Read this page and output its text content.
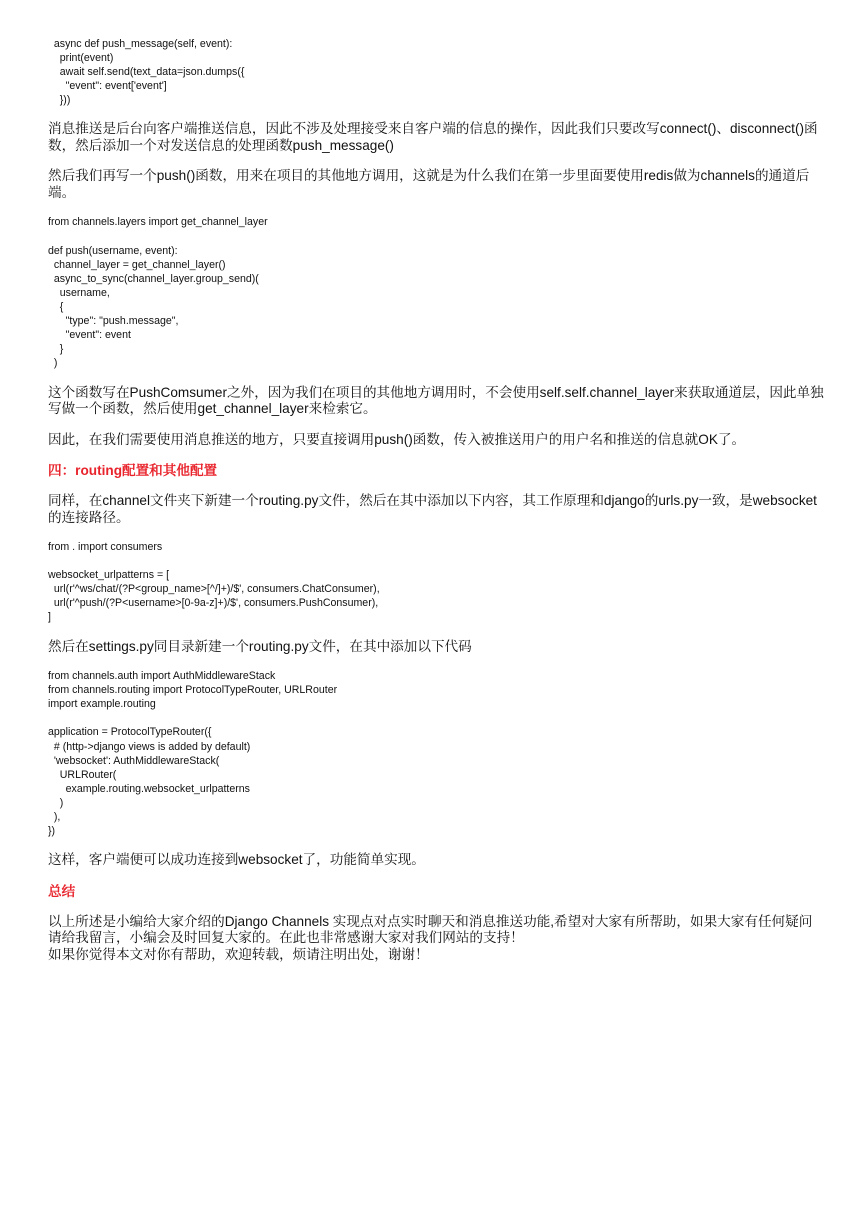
async def push_message(self, event):
print(event)
await self.send(text_data=json.dumps({
"event": event['event']
}))

消息推送是后台向客户端推送信息，因此不涉及处理接受来自客户端的信息的操作，因此我们只要改写connect()、disconnect()函数，然后添加一个对发送信息的处理函数push_message()

然后我们再写一个push()函数，用来在项目的其他地方调用，这就是为什么我们在第一步里面要使用redis做为channels的通道后端。

from channels.layers import get_channel_layer

def push(username, event):
channel_layer = get_channel_layer()
async_to_sync(channel_layer.group_send)(
username,
{
"type": "push.message",
"event": event
}
)

这个函数写在PushComsumer之外，因为我们在项目的其他地方调用时，不会使用self.self.channel_layer来获取通道层，因此单独写做一个函数，然后使用get_channel_layer来检索它。

因此，在我们需要使用消息推送的地方，只要直接调用push()函数，传入被推送用户的用户名和推送的信息就OK了。

四：routing配置和其他配置

同样，在channel文件夹下新建一个routing.py文件，然后在其中添加以下内容，其工作原理和django的urls.py一致，是websocket的连接路径。

from . import consumers

websocket_urlpatterns = [
url(r'^ws/chat/(?P<group_name>[^/]+)/$', consumers.ChatConsumer),
url(r'^push/(?P<username>[0-9a-z]+)/$', consumers.PushConsumer),
]

然后在settings.py同目录新建一个routing.py文件，在其中添加以下代码

from channels.auth import AuthMiddlewareStack
from channels.routing import ProtocolTypeRouter, URLRouter
import example.routing

application = ProtocolTypeRouter({
# (http->django views is added by default)
'websocket': AuthMiddlewareStack(
URLRouter(
example.routing.websocket_urlpatterns
)
),
})

这样，客户端便可以成功连接到websocket了，功能简单实现。

总结

以上所述是小编给大家介绍的Django Channels 实现点对点实时聊天和消息推送功能,希望对大家有所帮助，如果大家有任何疑问请给我留言，小编会及时回复大家的。在此也非常感谢大家对我们网站的支持！

如果你觉得本文对你有帮助，欢迎转载，烦请注明出处，谢谢！
